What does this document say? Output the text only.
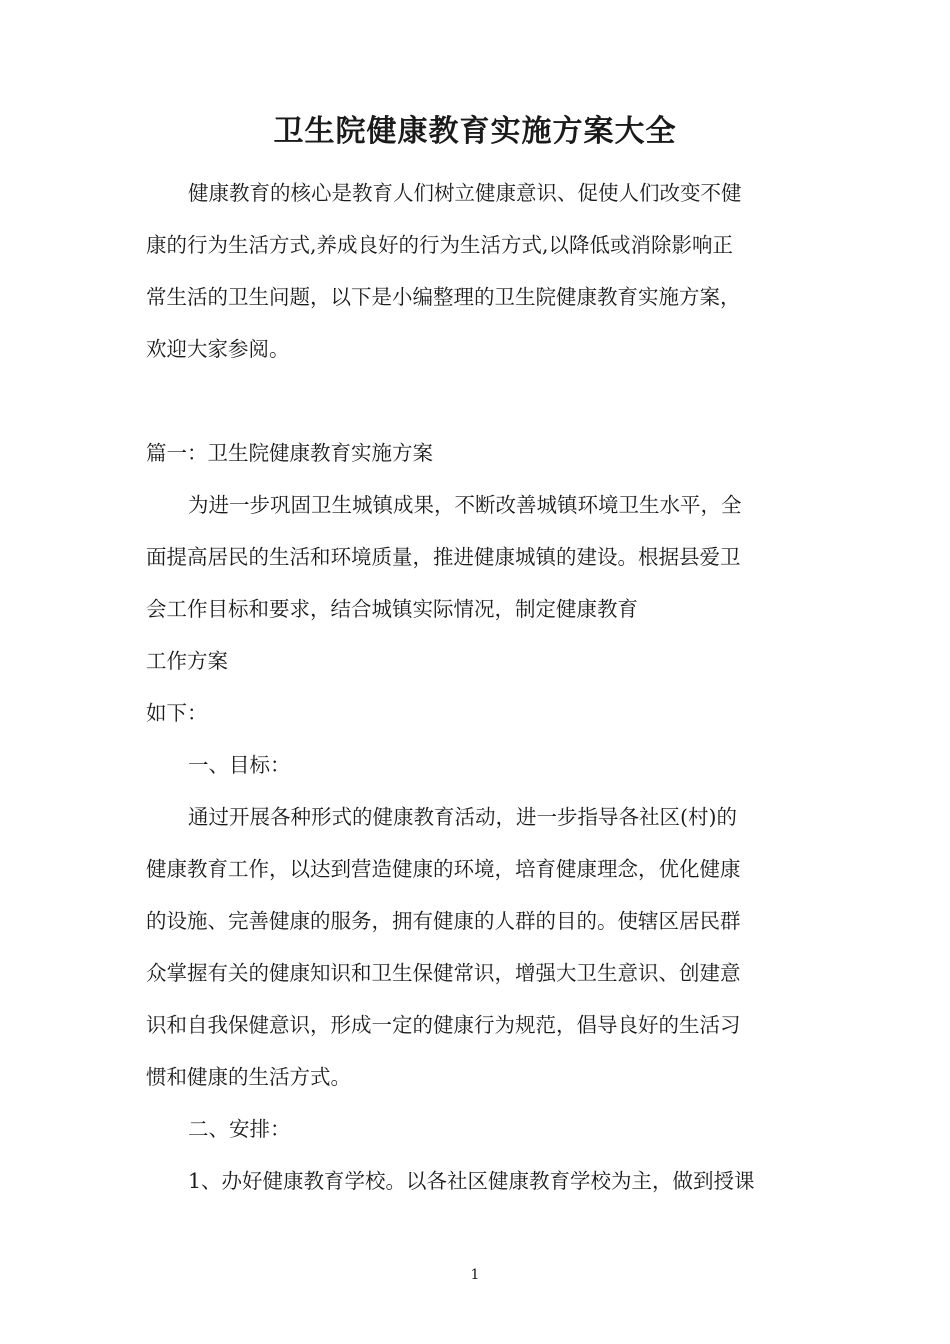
卫生院健康教育实施方案大全
健康教育的核心是教育人们树立健康意识、促使人们改变不健
康的行为生活方式,养成良好的行为生活方式,以降低或消除影响正
常生活的卫生问题，以下是小编整理的卫生院健康教育实施方案，
欢迎大家参阅。
篇一：卫生院健康教育实施方案
为进一步巩固卫生城镇成果，不断改善城镇环境卫生水平，全
面提高居民的生活和环境质量，推进健康城镇的建设。根据县爱卫
会工作目标和要求，结合城镇实际情况，制定健康教育
工作方案
如下：
一、目标：
通过开展各种形式的健康教育活动，进一步指导各社区(村)的
健康教育工作，以达到营造健康的环境，培育健康理念，优化健康
的设施、完善健康的服务，拥有健康的人群的目的。使辖区居民群
众掌握有关的健康知识和卫生保健常识，增强大卫生意识、创建意
识和自我保健意识，形成一定的健康行为规范，倡导良好的生活习
惯和健康的生活方式。
二、安排：
1、办好健康教育学校。以各社区健康教育学校为主，做到授课
1
